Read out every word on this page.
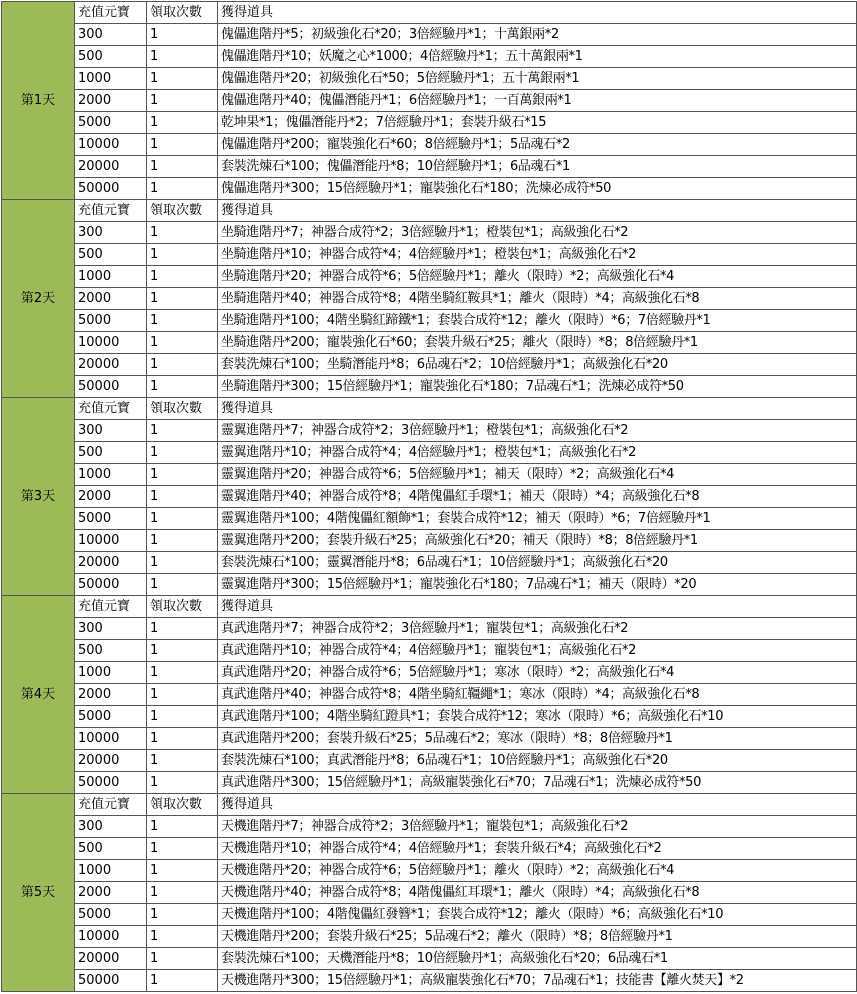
第1天	充值元寶	領取次數	獲得道具
	300	1	傀儡進階丹*5；初級強化石*20；3倍經驗丹*1；十萬銀兩*2
	500	1	傀儡進階丹*10；妖魔之心*1000；4倍經驗丹*1；五十萬銀兩*1
	1000	1	傀儡進階丹*20；初級強化石*50；5倍經驗丹*1；五十萬銀兩*1
	2000	1	傀儡進階丹*40；傀儡潛能丹*1；6倍經驗丹*1；一百萬銀兩*1
	5000	1	乾坤果*1；傀儡潛能丹*2；7倍經驗丹*1；套裝升級石*15
	10000	1	傀儡進階丹*200；寵裝強化石*60；8倍經驗丹*1；5品魂石*2
	20000	1	套裝洗煉石*100；傀儡潛能丹*8；10倍經驗丹*1；6品魂石*1
	50000	1	傀儡進階丹*300；15倍經驗丹*1；寵裝強化石*180；洗煉必成符*50
第2天	充值元寶	領取次數	獲得道具
	300	1	坐騎進階丹*7；神器合成符*2；3倍經驗丹*1；橙裝包*1；高級強化石*2
	500	1	坐騎進階丹*10；神器合成符*4；4倍經驗丹*1；橙裝包*1；高級強化石*2
	1000	1	坐騎進階丹*20；神器合成符*6；5倍經驗丹*1；離火（限時）*2；高級強化石*4
	2000	1	坐騎進階丹*40；神器合成符*8；4階坐騎紅鞍具*1；離火（限時）*4；高級強化石*8
	5000	1	坐騎進階丹*100；4階坐騎紅蹄鐵*1；套裝合成符*12；離火（限時）*6；7倍經驗丹*1
	10000	1	坐騎進階丹*200；寵裝強化石*60；套裝升級石*25；離火（限時）*8；8倍經驗丹*1
	20000	1	套裝洗煉石*100；坐騎潛能丹*8；6品魂石*2；10倍經驗丹*1；高級強化石*20
	50000	1	坐騎進階丹*300；15倍經驗丹*1；寵裝強化石*180；7品魂石*1；洗煉必成符*50
第3天	充值元寶	領取次數	獲得道具
	300	1	靈翼進階丹*7；神器合成符*2；3倍經驗丹*1；橙裝包*1；高級強化石*2
	500	1	靈翼進階丹*10；神器合成符*4；4倍經驗丹*1；橙裝包*1；高級強化石*2
	1000	1	靈翼進階丹*20；神器合成符*6；5倍經驗丹*1；補天（限時）*2；高級強化石*4
	2000	1	靈翼進階丹*40；神器合成符*8；4階傀儡紅手環*1；補天（限時）*4；高級強化石*8
	5000	1	靈翼進階丹*100；4階傀儡紅額飾*1；套裝合成符*12；補天（限時）*6；7倍經驗丹*1
	10000	1	靈翼進階丹*200；套裝升級石*25；高級強化石*20；補天（限時）*8；8倍經驗丹*1
	20000	1	套裝洗煉石*100；靈翼潛能丹*8；6品魂石*1；10倍經驗丹*1；高級強化石*20
	50000	1	靈翼進階丹*300；15倍經驗丹*1；寵裝強化石*180；7品魂石*1；補天（限時）*20
第4天	充值元寶	領取次數	獲得道具
	300	1	真武進階丹*7；神器合成符*2；3倍經驗丹*1；寵裝包*1；高級強化石*2
	500	1	真武進階丹*10；神器合成符*4；4倍經驗丹*1；寵裝包*1；高級強化石*2
	1000	1	真武進階丹*20；神器合成符*6；5倍經驗丹*1；寒冰（限時）*2；高級強化石*4
	2000	1	真武進階丹*40；神器合成符*8；4階坐騎紅韁繩*1；寒冰（限時）*4；高級強化石*8
	5000	1	真武進階丹*100；4階坐騎紅蹬具*1；套裝合成符*12；寒冰（限時）*6；高級強化石*10
	10000	1	真武進階丹*200；套裝升級石*25；5品魂石*2；寒冰（限時）*8；8倍經驗丹*1
	20000	1	套裝洗煉石*100；真武潛能丹*8；6品魂石*1；10倍經驗丹*1；高級強化石*20
	50000	1	真武進階丹*300；15倍經驗丹*1；高級寵裝強化石*70；7品魂石*1；洗煉必成符*50
第5天	充值元寶	領取次數	獲得道具
	300	1	天機進階丹*7；神器合成符*2；3倍經驗丹*1；寵裝包*1；高級強化石*2
	500	1	天機進階丹*10；神器合成符*4；4倍經驗丹*1；套裝升級石*4；高級強化石*2
	1000	1	天機進階丹*20；神器合成符*6；5倍經驗丹*1；離火（限時）*2；高級強化石*4
	2000	1	天機進階丹*40；神器合成符*8；4階傀儡紅耳環*1；離火（限時）*4；高級強化石*8
	5000	1	天機進階丹*100；4階傀儡紅發簪*1；套裝合成符*12；離火（限時）*6；高級強化石*10
	10000	1	天機進階丹*200；套裝升級石*25；5品魂石*2；離火（限時）*8；8倍經驗丹*1
	20000	1	套裝洗煉石*100；天機潛能丹*8；10倍經驗丹*1；高級強化石*20；6品魂石*1
	50000	1	天機進階丹*300；15倍經驗丹*1；高級寵裝強化石*70；7品魂石*1；技能書【離火焚天】*2
